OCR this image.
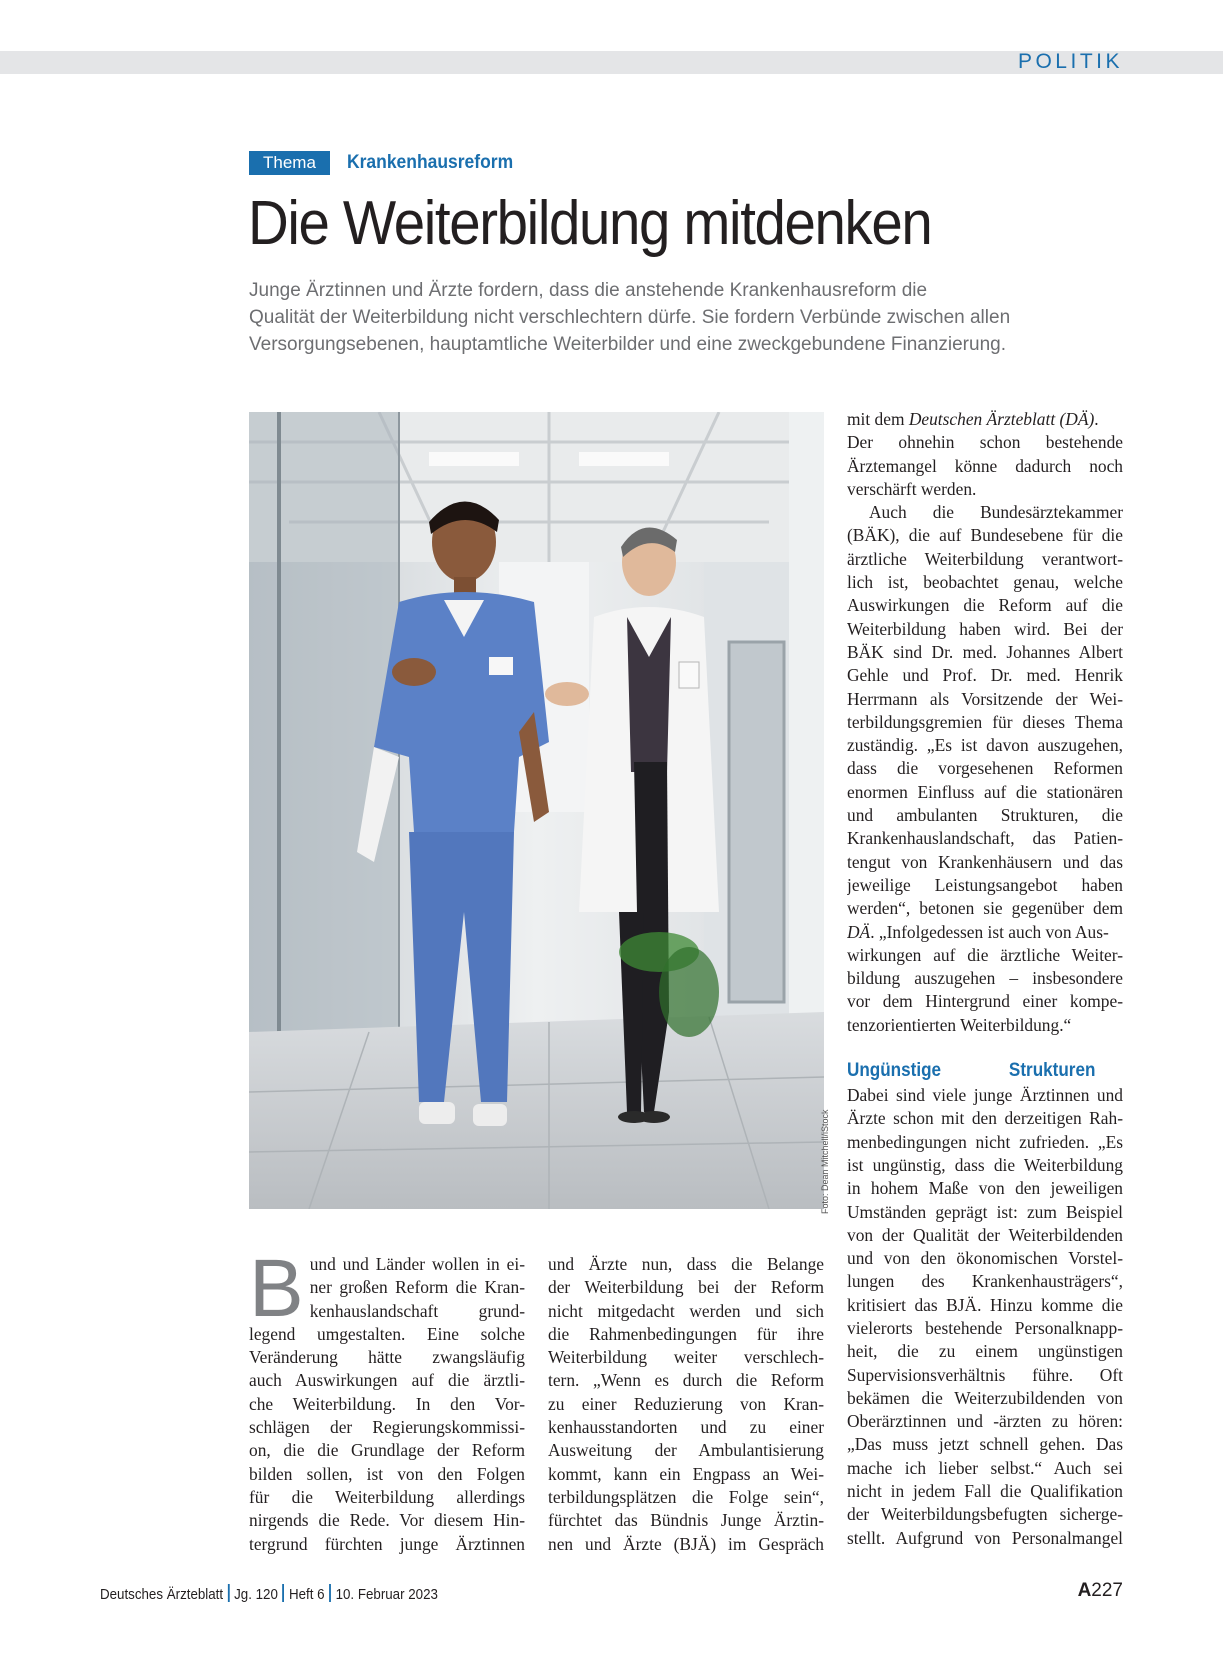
POLITIK
Thema	Krankenhausreform
Die Weiterbildung mitdenken
Junge Ärztinnen und Ärzte fordern, dass die anstehende Krankenhausreform die
Qualität der Weiterbildung nicht verschlechtern dürfe. Sie fordern Verbünde zwischen allen
Versorgungsebenen, hauptamtliche Weiterbilder und eine zweckgebundene Finanzierung.
Foto: Dean Mitchell/iStock
B und und Länder wollen in ei-
ner großen Reform die Kran-
kenhauslandschaft grund-
legend umgestalten. Eine solche
Veränderung hätte zwangsläufig
auch Auswirkungen auf die ärztli-
che Weiterbildung. In den Vor-
schlägen der Regierungskommissi-
on, die die Grundlage der Reform
bilden sollen, ist von den Folgen
für die Weiterbildung allerdings
nirgends die Rede. Vor diesem Hin-
tergrund fürchten junge Ärztinnen
und Ärzte nun, dass die Belange
der Weiterbildung bei der Reform
nicht mitgedacht werden und sich
die Rahmenbedingungen für ihre
Weiterbildung weiter verschlech-
tern. „Wenn es durch die Reform
zu einer Reduzierung von Kran-
kenhausstandorten und zu einer
Ausweitung der Ambulantisierung
kommt, kann ein Engpass an Wei-
terbildungsplätzen die Folge sein“,
fürchtet das Bündnis Junge Ärztin-
nen und Ärzte (BJÄ) im Gespräch
mit dem Deutschen Ärzteblatt (DÄ).
Der ohnehin schon bestehende
Ärztemangel könne dadurch noch
verschärft werden.
Auch die Bundesärztekammer
(BÄK), die auf Bundesebene für die
ärztliche Weiterbildung verantwort-
lich ist, beobachtet genau, welche
Auswirkungen die Reform auf die
Weiterbildung haben wird. Bei der
BÄK sind Dr. med. Johannes Albert
Gehle und Prof. Dr. med. Henrik
Herrmann als Vorsitzende der Wei-
terbildungsgremien für dieses Thema
zuständig. „Es ist davon auszugehen,
dass die vorgesehenen Reformen
enormen Einfluss auf die stationären
und ambulanten Strukturen, die
Krankenhauslandschaft, das Patien-
tengut von Krankenhäusern und das
jeweilige Leistungsangebot haben
werden“, betonen sie gegenüber dem
DÄ. „Infolgedessen ist auch von Aus-
wirkungen auf die ärztliche Weiter-
bildung auszugehen – insbesondere
vor dem Hintergrund einer kompe-
tenzorientierten Weiterbildung.“
Ungünstige Strukturen
Dabei sind viele junge Ärztinnen und
Ärzte schon mit den derzeitigen Rah-
menbedingungen nicht zufrieden. „Es
ist ungünstig, dass die Weiterbildung
in hohem Maße von den jeweiligen
Umständen geprägt ist: zum Beispiel
von der Qualität der Weiterbildenden
und von den ökonomischen Vorstel-
lungen des Krankenhausträgers“,
kritisiert das BJÄ. Hinzu komme die
vielerorts bestehende Personalknapp-
heit, die zu einem ungünstigen
Supervisionsverhältnis führe. Oft
bekämen die Weiterzubildenden von
Oberärztinnen und -ärzten zu hören:
„Das muss jetzt schnell gehen. Das
mache ich lieber selbst.“ Auch sei
nicht in jedem Fall die Qualifikation
der Weiterbildungsbefugten sicherge-
stellt. Aufgrund von Personalmangel
Deutsches Ärzteblatt Jg. 120 Heft 6 10. Februar 2023	A227
